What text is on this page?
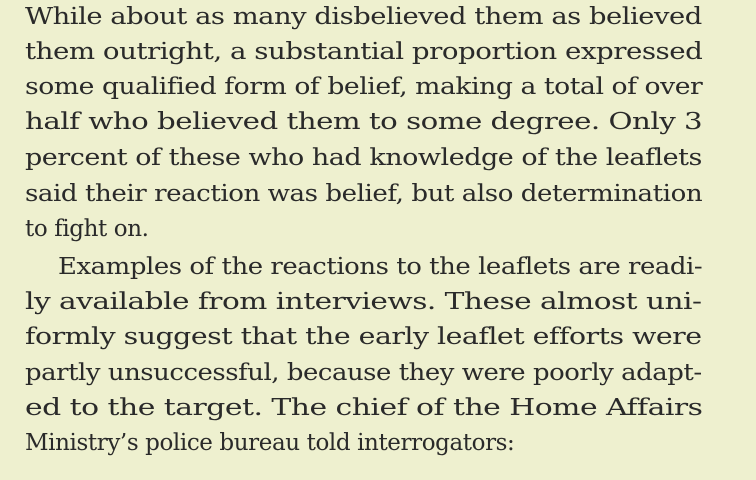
While about as many disbelieved them as believed

them outright, a substantial proportion expressed

some qualified form of belief, making a total of over

half who believed them to some degree. Only 3

percent of these who had knowledge of the leaflets

said their reaction was belief, but also determination

to fight on.

Examples of the reactions to the leaflets are readi-

ly available from interviews. These almost uni-

formly suggest that the early leaflet efforts were

partly unsuccessful, because they were poorly adapt-

ed to the target. The chief of the Home Affairs

Ministry’s police bureau told interrogators:
